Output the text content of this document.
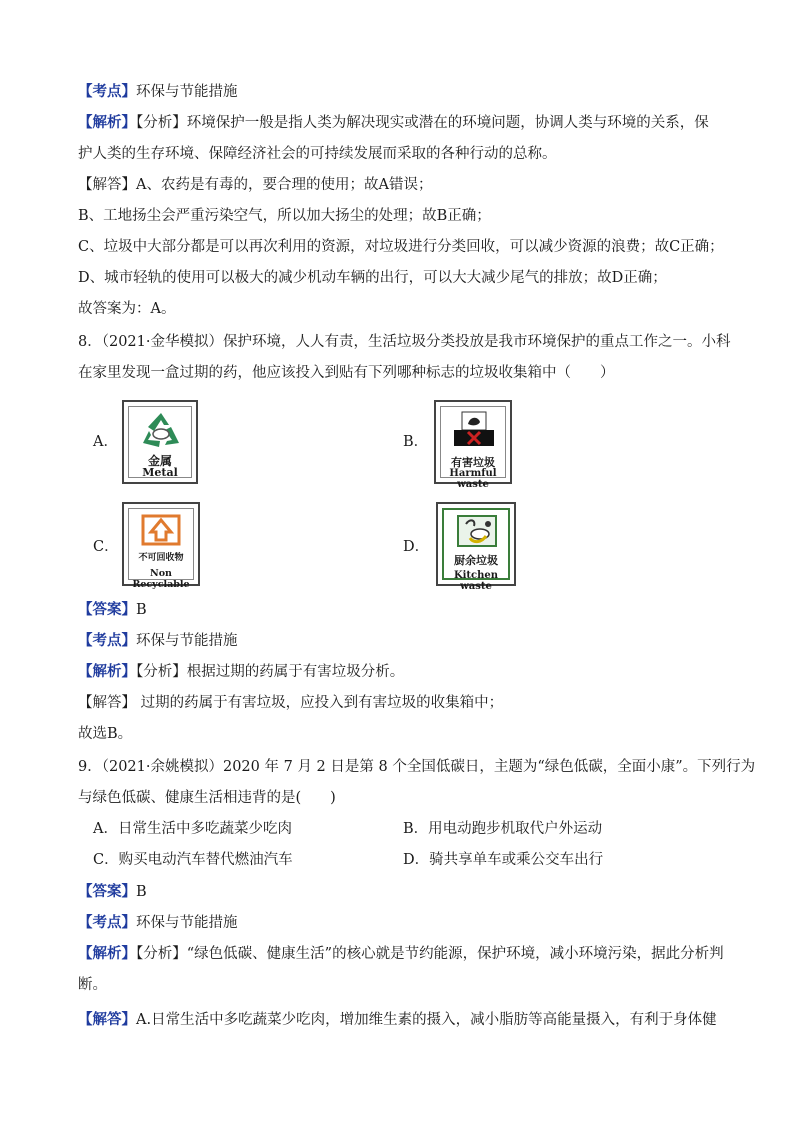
【考点】环保与节能措施
【解析】【分析】环境保护一般是指人类为解决现实或潜在的环境问题，协调人类与环境的关系，保
护人类的生存环境、保障经济社会的可持续发展而采取的各种行动的总称。
【解答】A、农药是有毒的，要合理的使用；故A错误；
B、工地扬尘会严重污染空气，所以加大扬尘的处理；故B正确；
C、垃圾中大部分都是可以再次利用的资源，对垃圾进行分类回收，可以减少资源的浪费；故C正确；
D、城市轻轨的使用可以极大的减少机动车辆的出行，可以大大减少尾气的排放；故D正确；
故答案为：A。
8．（2021·金华模拟）保护环境，人人有责，生活垃圾分类投放是我市环境保护的重点工作之一。小科
在家里发现一盒过期的药，他应该投入到贴有下列哪种标志的垃圾收集箱中（　　）
A．
金属
Metal
B．
有害垃圾
Harmful waste
C．
不可回收物
Non Recyclable
D．
厨余垃圾
Kitchen waste
【答案】B
【考点】环保与节能措施
【解析】【分析】根据过期的药属于有害垃圾分析。
【解答】 过期的药属于有害垃圾，应投入到有害垃圾的收集箱中；
故选B。
9．（2021·余姚模拟）2020 年 7 月 2 日是第 8 个全国低碳日，主题为“绿色低碳，全面小康”。下列行为
与绿色低碳、健康生活相违背的是(　　)
A．日常生活中多吃蔬菜少吃肉	B．用电动跑步机取代户外运动
C．购买电动汽车替代燃油汽车	D．骑共享单车或乘公交车出行
【答案】B
【考点】环保与节能措施
【解析】【分析】“绿色低碳、健康生活”的核心就是节约能源，保护环境，减小环境污染，据此分析判
断。
【解答】A.日常生活中多吃蔬菜少吃肉，增加维生素的摄入，减小脂肪等高能量摄入，有利于身体健
